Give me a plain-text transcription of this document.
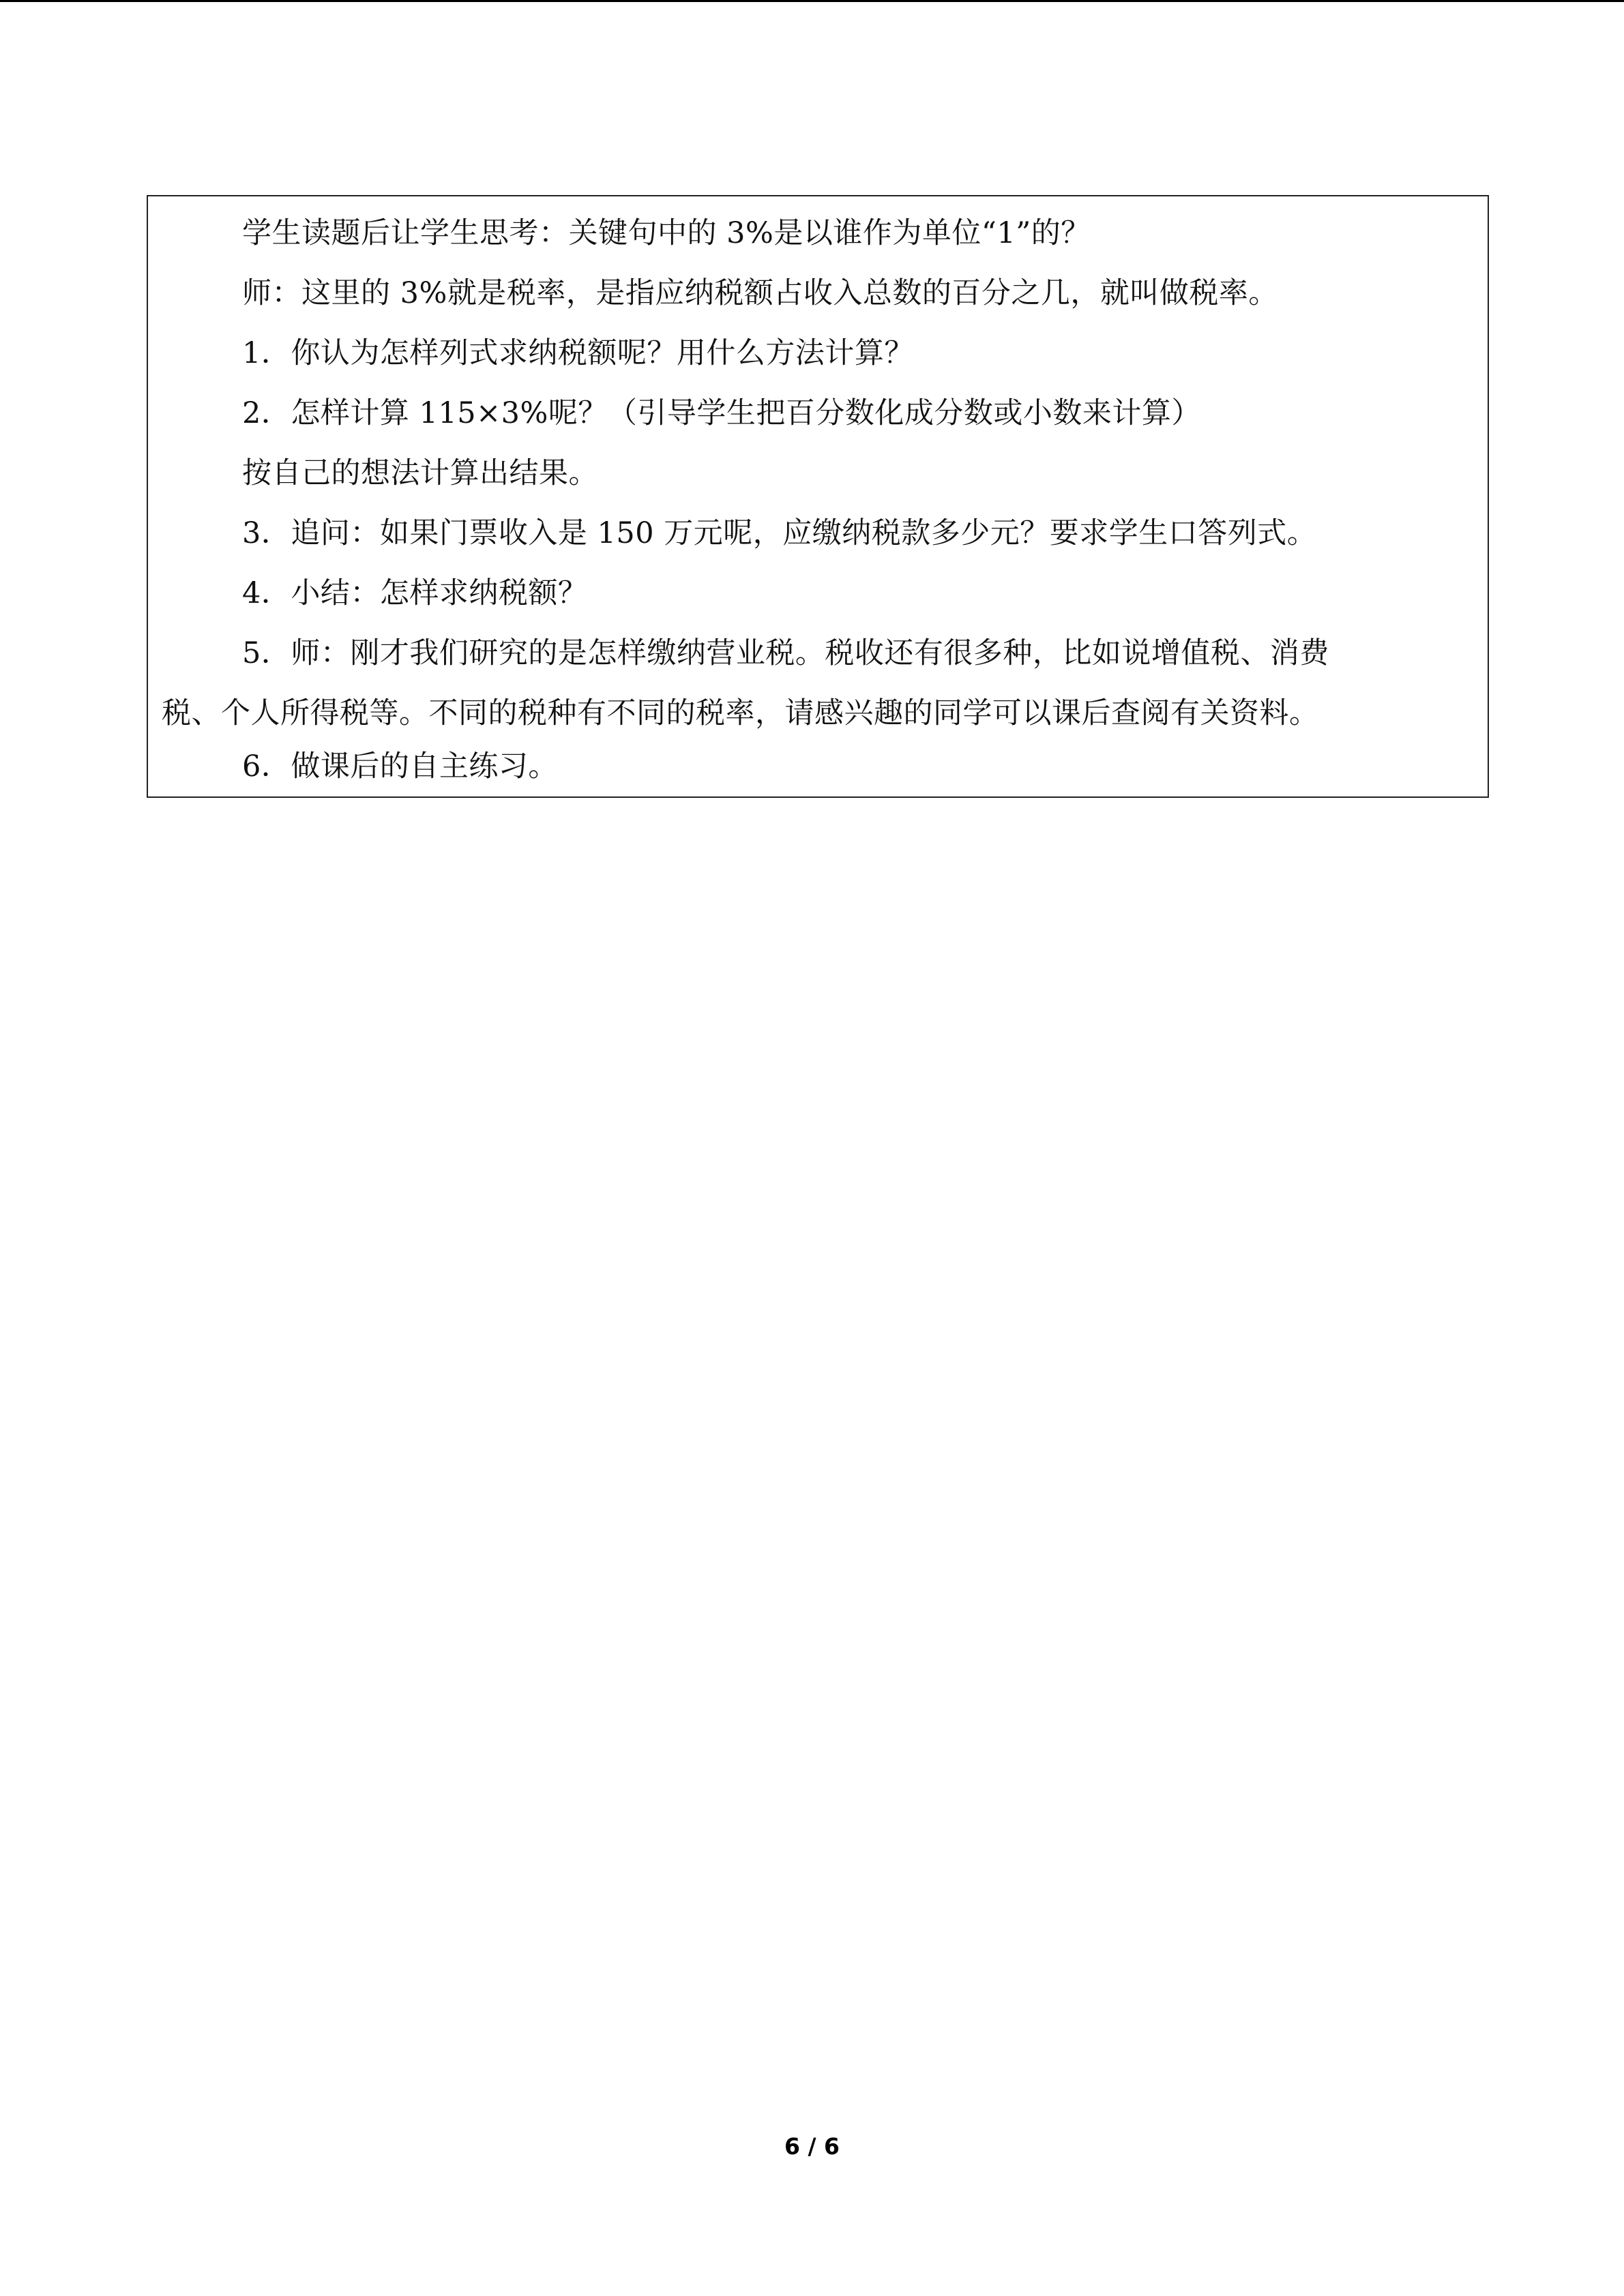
学生读题后让学生思考：关键句中的 3%是以谁作为单位“1”的？
师：这里的 3%就是税率，是指应纳税额占收入总数的百分之几，就叫做税率。
1．你认为怎样列式求纳税额呢？用什么方法计算？
2．怎样计算 115×3%呢？（引导学生把百分数化成分数或小数来计算）
按自己的想法计算出结果。
3．追问：如果门票收入是 150 万元呢，应缴纳税款多少元？要求学生口答列式。
4．小结：怎样求纳税额？
5．师：刚才我们研究的是怎样缴纳营业税。税收还有很多种，比如说增值税、消费
税、个人所得税等。不同的税种有不同的税率，请感兴趣的同学可以课后查阅有关资料。
6．做课后的自主练习。
6 / 6
